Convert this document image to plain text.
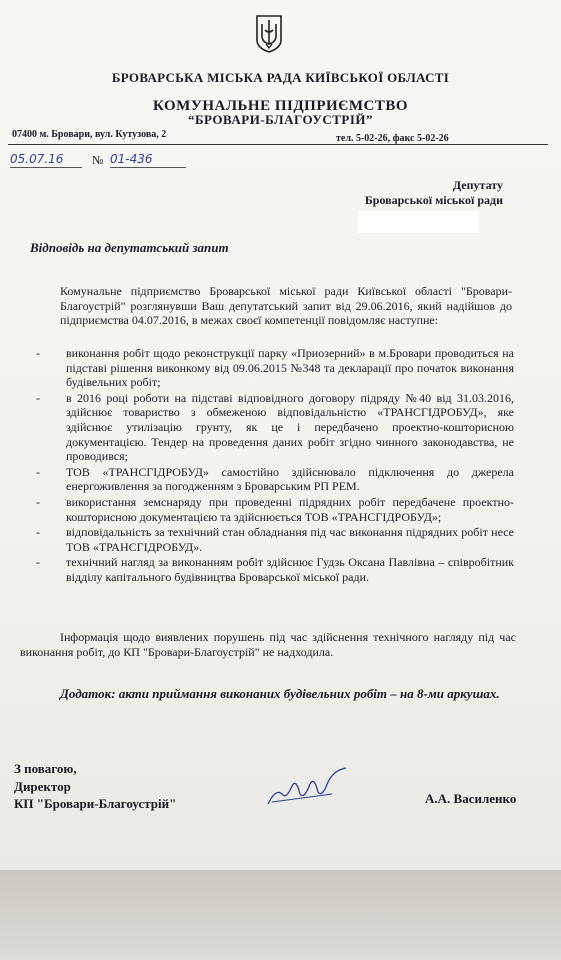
БРОВАРСЬКА МІСЬКА РАДА КИЇВСЬКОЇ ОБЛАСТІ

КОМУНАЛЬНЕ ПІДПРИЄМСТВО

“БРОВАРИ-БЛАГОУСТРІЙ”

07400 м. Бровари, вул. Кутузова, 2	тел. 5-02-26, факс 5-02-26
05.07.16	№ 01-436
Депутату
Броварської міської ради
Відповідь на депутатський запит

Комунальне підприємство Броварської міської ради Київської області "Бровари-Благоустрій" розглянувши Ваш депутатський запит від 29.06.2016, який надійшов до підприємства 04.07.2016, в межах своєї компетенції повідомляє наступне:

- виконання робіт щодо реконструкції парку «Приозерний» в м.Бровари проводиться на підставі рішення виконкому від 09.06.2015 №348 та декларації про початок виконання будівельних робіт;
- в 2016 році роботи на підставі відповідного договору підряду №40 від 31.03.2016, здійснює товариство з обмеженою відповідальністю «ТРАНСГІДРОБУД», яке здійснює утилізацію грунту, як це і передбачено проектно-кошторисною документацією. Тендер на проведення даних робіт згідно чинного законодавства, не проводився;
- ТОВ «ТРАНСГІДРОБУД» самостійно здійснювало підключення до джерела енергоживлення за погодженням з Броварським РП РЕМ.
- використання земснаряду при проведенні підрядних робіт передбачене проектно-кошторисною документацією та здійснюється ТОВ «ТРАНСГІДРОБУД»;
- відповідальність за технічний стан обладнання під час виконання підрядних робіт несе ТОВ «ТРАНСГІДРОБУД».
- технічний нагляд за виконанням робіт здійснює Гудзь Оксана Павлівна – співробітник відділу капітального будівництва Броварської міської ради.

Інформація щодо виявлених порушень під час здійснення технічного нагляду під час виконання робіт, до КП "Бровари-Благоустрій" не надходила.

Додаток: акти приймання виконаних будівельних робіт – на 8-ми аркушах.

З повагою,
Директор
КП "Бровари-Благоустрій"	А.А. Василенко
